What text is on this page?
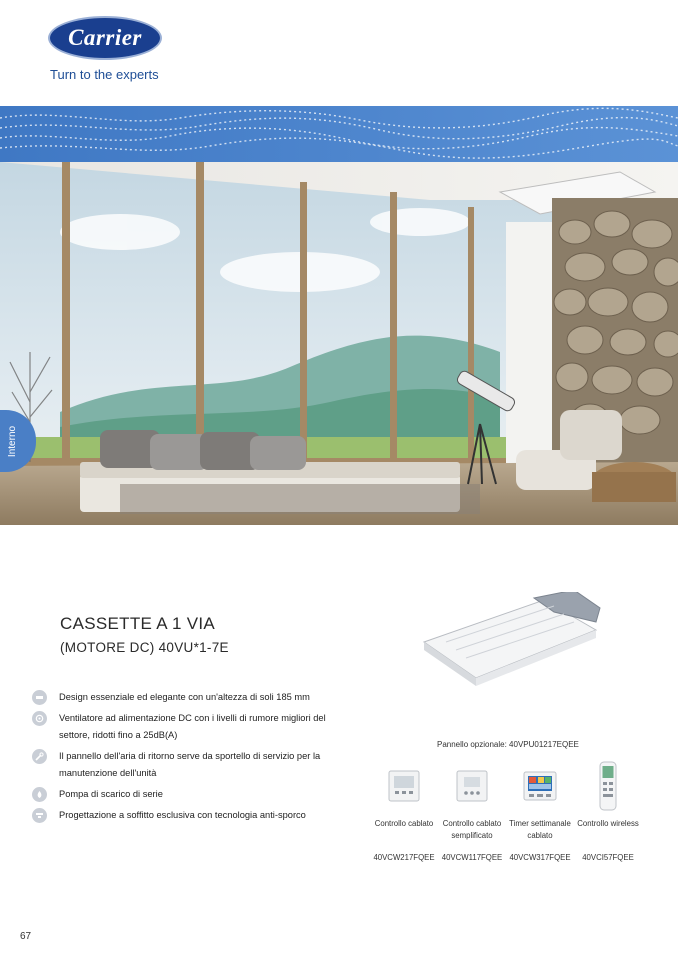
Carrier
Turn to the experts
Interno
CASSETTE A 1 VIA
(MOTORE DC) 40VU*1-7E
Design essenziale ed elegante con un'altezza di soli 185 mm
Ventilatore ad alimentazione DC con i livelli di rumore migliori del settore, ridotti fino a 25dB(A)
Il pannello dell'aria di ritorno serve da sportello di servizio per la manutenzione dell'unità
Pompa di scarico di serie
Progettazione a soffitto esclusiva con tecnologia anti-sporco
Pannello opzionale: 40VPU01217EQEE
Controllo cablato
40VCW217FQEE
Controllo cablato semplificato
40VCW117FQEE
Timer settimanale cablato
40VCW317FQEE
Controllo wireless
40VCI57FQEE
67
